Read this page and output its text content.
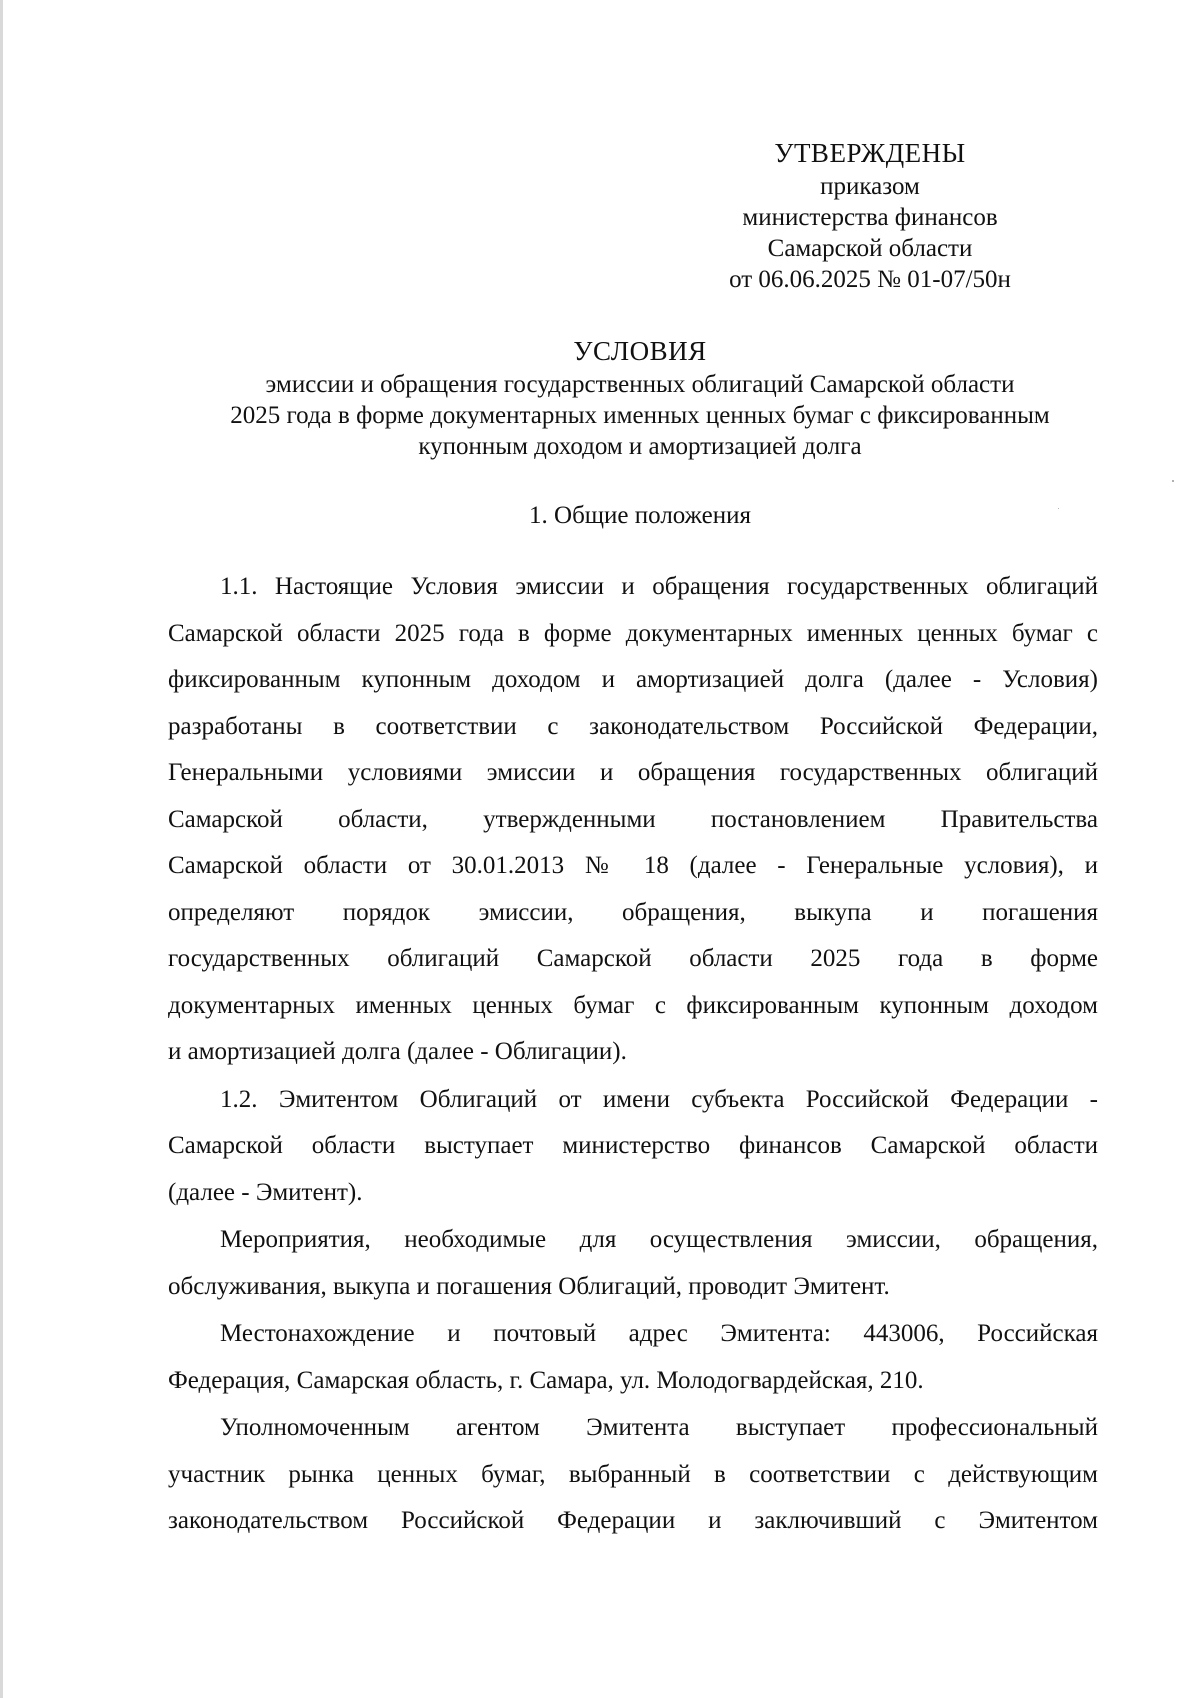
УТВЕРЖДЕНЫ
приказом
министерства финансов
Самарской области
от 06.06.2025 № 01-07/50н
УСЛОВИЯ
эмиссии и обращения государственных облигаций Самарской области
2025 года в форме документарных именных ценных бумаг с фиксированным
купонным доходом и амортизацией долга
1. Общие положения

1.1. Настоящие Условия эмиссии и обращения государственных облигаций
Самарской области 2025 года в форме документарных именных ценных бумаг с
фиксированным купонным доходом и амортизацией долга (далее - Условия)
разработаны в соответствии с законодательством Российской Федерации,
Генеральными условиями эмиссии и обращения государственных облигаций
Самарской области, утвержденными постановлением Правительства
Самарской области от 30.01.2013 № 18 (далее - Генеральные условия), и
определяют порядок эмиссии, обращения, выкупа и погашения
государственных облигаций Самарской области 2025 года в форме
документарных именных ценных бумаг с фиксированным купонным доходом
и амортизацией долга (далее - Облигации).

1.2. Эмитентом Облигаций от имени субъекта Российской Федерации -
Самарской области выступает министерство финансов Самарской области
(далее - Эмитент).

Мероприятия, необходимые для осуществления эмиссии, обращения,
обслуживания, выкупа и погашения Облигаций, проводит Эмитент.

Местонахождение и почтовый адрес Эмитента: 443006, Российская
Федерация, Самарская область, г. Самара, ул. Молодогвардейская, 210.

Уполномоченным агентом Эмитента выступает профессиональный
участник рынка ценных бумаг, выбранный в соответствии с действующим
законодательством Российской Федерации и заключивший с Эмитентом
